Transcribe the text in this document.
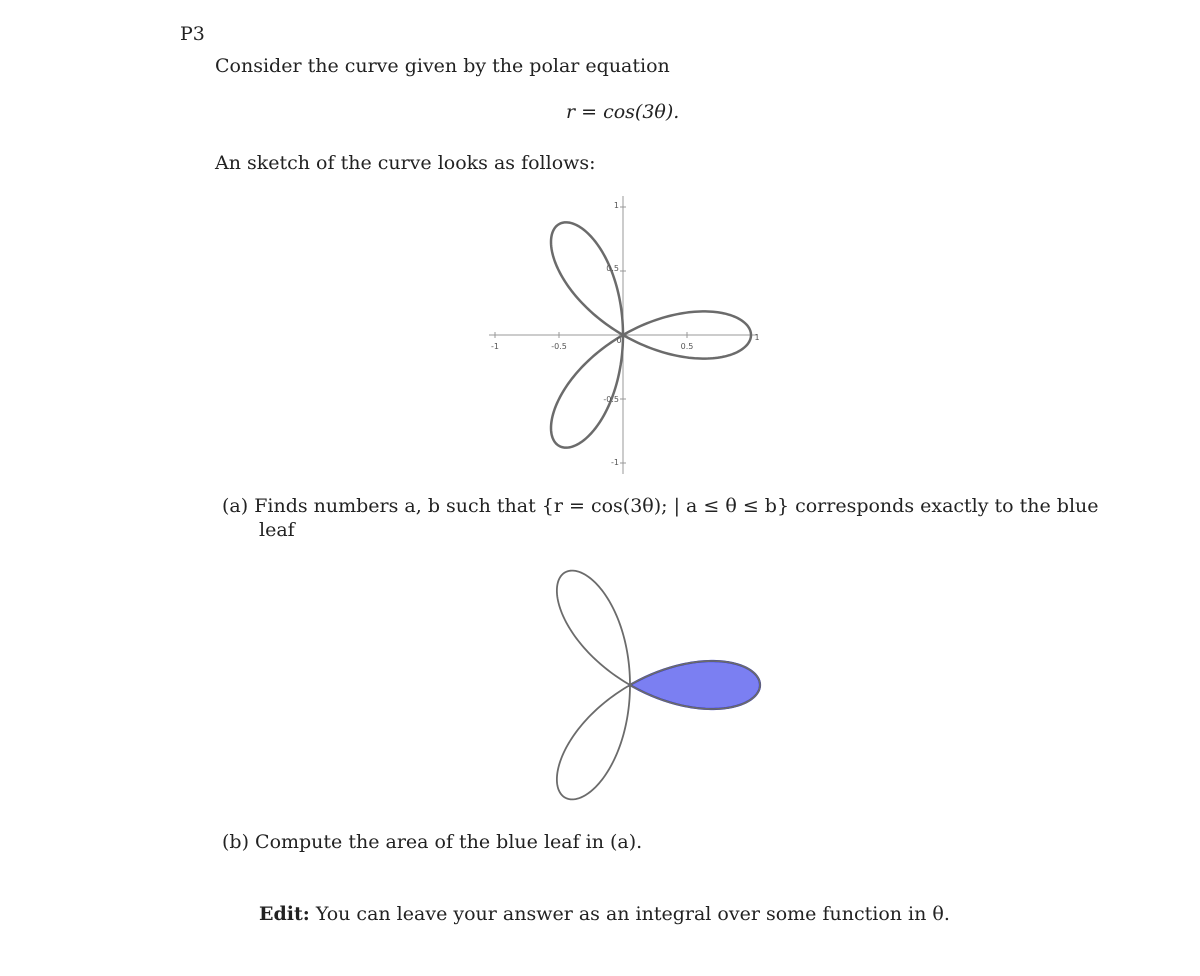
P3
Consider the curve given by the polar equation
r = cos(3θ).
An sketch of the curve looks as follows:
-1	-0.5
0
0.5
1
1
0.5
-0.5
-1
(a) Finds numbers a, b such that {r = cos(3θ); | a ≤ θ ≤ b} corresponds exactly to the blue
leaf
(b) Compute the area of the blue leaf in (a).
Edit: You can leave your answer as an integral over some function in θ.
